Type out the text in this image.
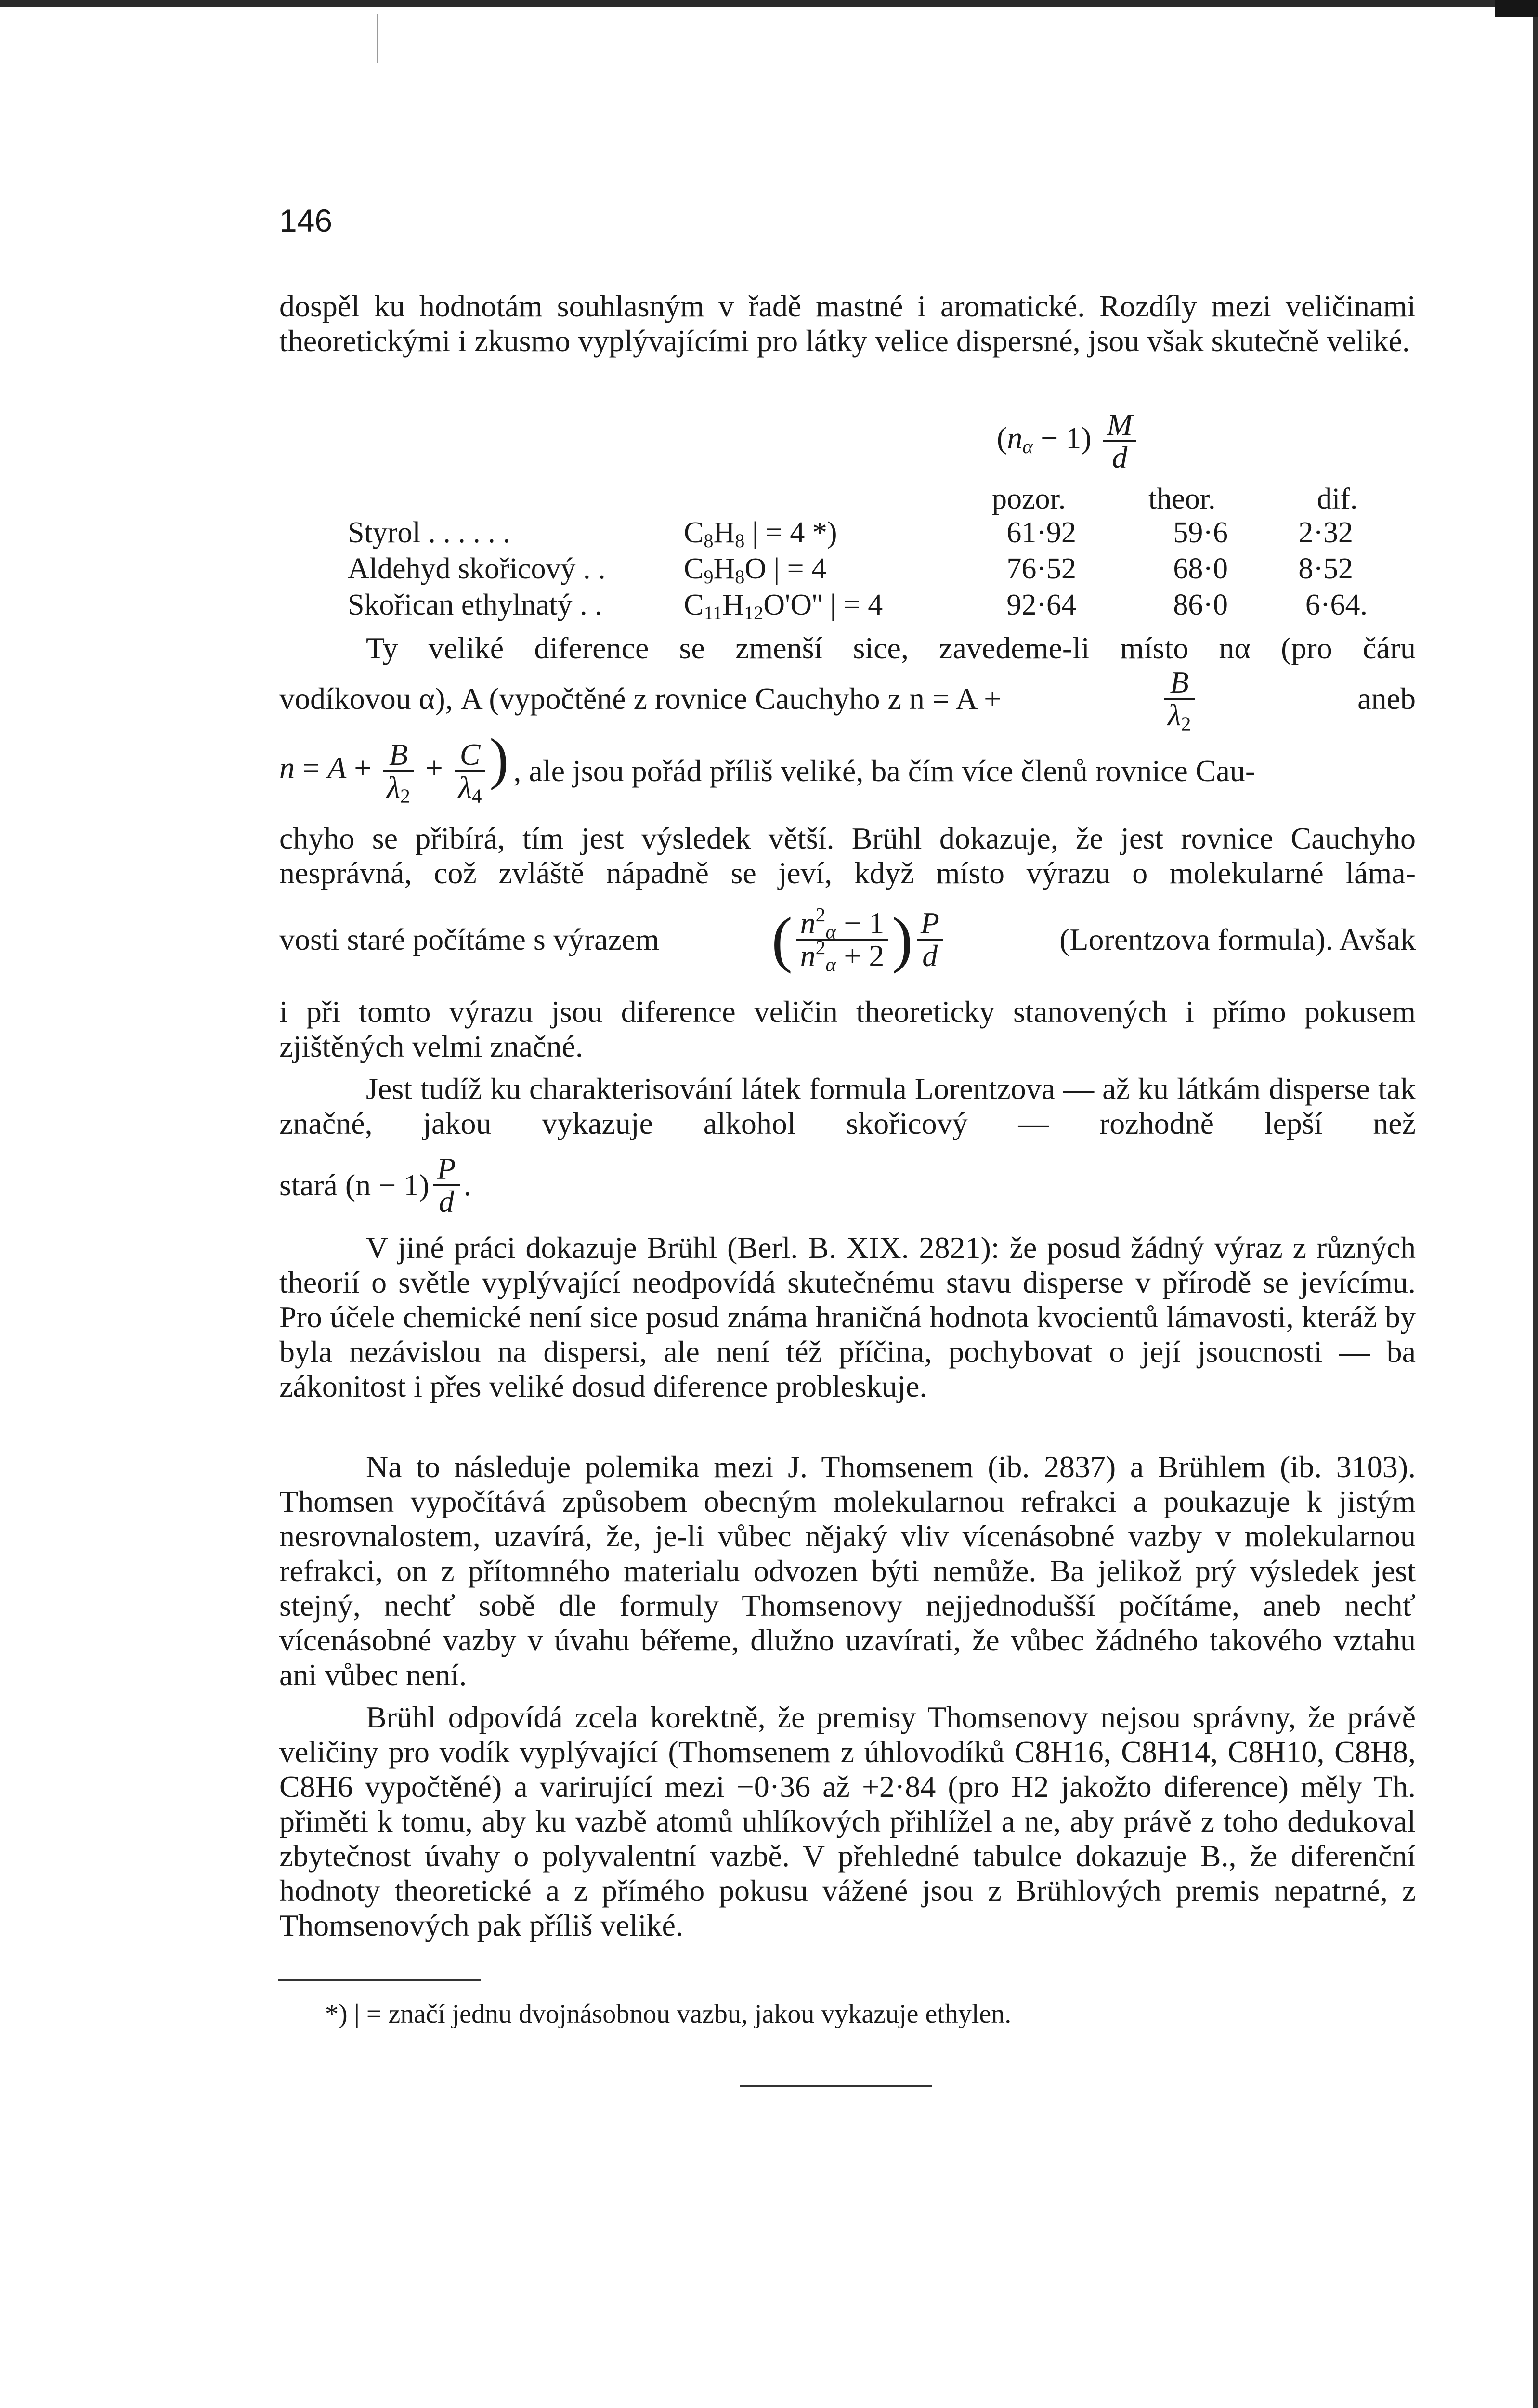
146

dospěl ku hodnotám souhlasným v řadě mastné i aromatické. Rozdíly mezi veličinami theoretickými i zkusmo vyplývajícími pro látky velice dispersné, jsou však skutečně veliké.

$(n_\alpha - 1) \frac{M}{d}$
pozor.	theor.	dif.
Styrol . . . . . .	$C_8H_8$ | = 4 *)	61·92	59·6	2·32
Aldehyd skořicový . .	$C_9H_8O$ | = 4	76·52	68·0	8·52
Skořican ethylnatý . .	$C_{11}H_{12}O'O''$ | = 4	92·64	86·0	6·64.

Ty veliké diference se zmenší sice, zavedeme-li místo nα (pro čáru

vodíkovou α), A (vypočtěné z rovnice Cauchyho z n = A +	$\frac{B}{\lambda_2}$	aneb
$n = A + \frac{B}{\lambda_2} + \frac{C}{\lambda_4}$ ) , ale jsou pořád příliš veliké, ba čím více členů rovnice Cau-

chyho se přibírá, tím jest výsledek větší. Brühl dokazuje, že jest rovnice Cauchyho nesprávná, což zvláště nápadně se jeví, když místo výrazu o molekularné láma-

vosti staré počítáme s výrazem ( $\frac{n^2_\alpha - 1}{n^2_\alpha + 2}$ ) $\frac{P}{d}$	(Lorentzova formula). Avšak

i při tomto výrazu jsou diference veličin theoreticky stanovených i přímo pokusem zjištěných velmi značné.

Jest tudíž ku charakterisování látek formula Lorentzova — až ku látkám disperse tak značné, jakou vykazuje alkohol skořicový — rozhodně lepší než

stará $(n - 1) \frac{P}{d}$ .

V jiné práci dokazuje Brühl (Berl. B. XIX. 2821): že posud žádný výraz z různých theorií o světle vyplývající neodpovídá skutečnému stavu disperse v přírodě se jevícímu. Pro účele chemické není sice posud známa hraničná hodnota kvocientů lámavosti, kteráž by byla nezávislou na dispersi, ale není též příčina, pochybovat o její jsoucnosti — ba zákonitost i přes veliké dosud diference probleskuje.

Na to následuje polemika mezi J. Thomsenem (ib. 2837) a Brühlem (ib. 3103). Thomsen vypočítává způsobem obecným molekularnou refrakci a poukazuje k jistým nesrovnalostem, uzavírá, že, je-li vůbec nějaký vliv vícenásobné vazby v molekularnou refrakci, on z přítomného materialu odvozen býti nemůže. Ba jelikož prý výsledek jest stejný, nechť sobě dle formuly Thomsenovy nejjednodušší počítáme, aneb nechť vícenásobné vazby v úvahu béřeme, dlužno uzavírati, že vůbec žádného takového vztahu ani vůbec není.

Brühl odpovídá zcela korektně, že premisy Thomsenovy nejsou správny, že právě veličiny pro vodík vyplývající (Thomsenem z úhlovodíků C8H16, C8H14, C8H10, C8H8, C8H6 vypočtěné) a varirující mezi −0·36 až +2·84 (pro H2 jakožto diference) měly Th. přiměti k tomu, aby ku vazbě atomů uhlíkových přihlížel a ne, aby právě z toho dedukoval zbytečnost úvahy o polyvalentní vazbě. V přehledné tabulce dokazuje B., že diferenční hodnoty theoretické a z přímého pokusu vážené jsou z Brühlových premis nepatrné, z Thomsenových pak příliš veliké.

*) | = značí jednu dvojnásobnou vazbu, jakou vykazuje ethylen.
